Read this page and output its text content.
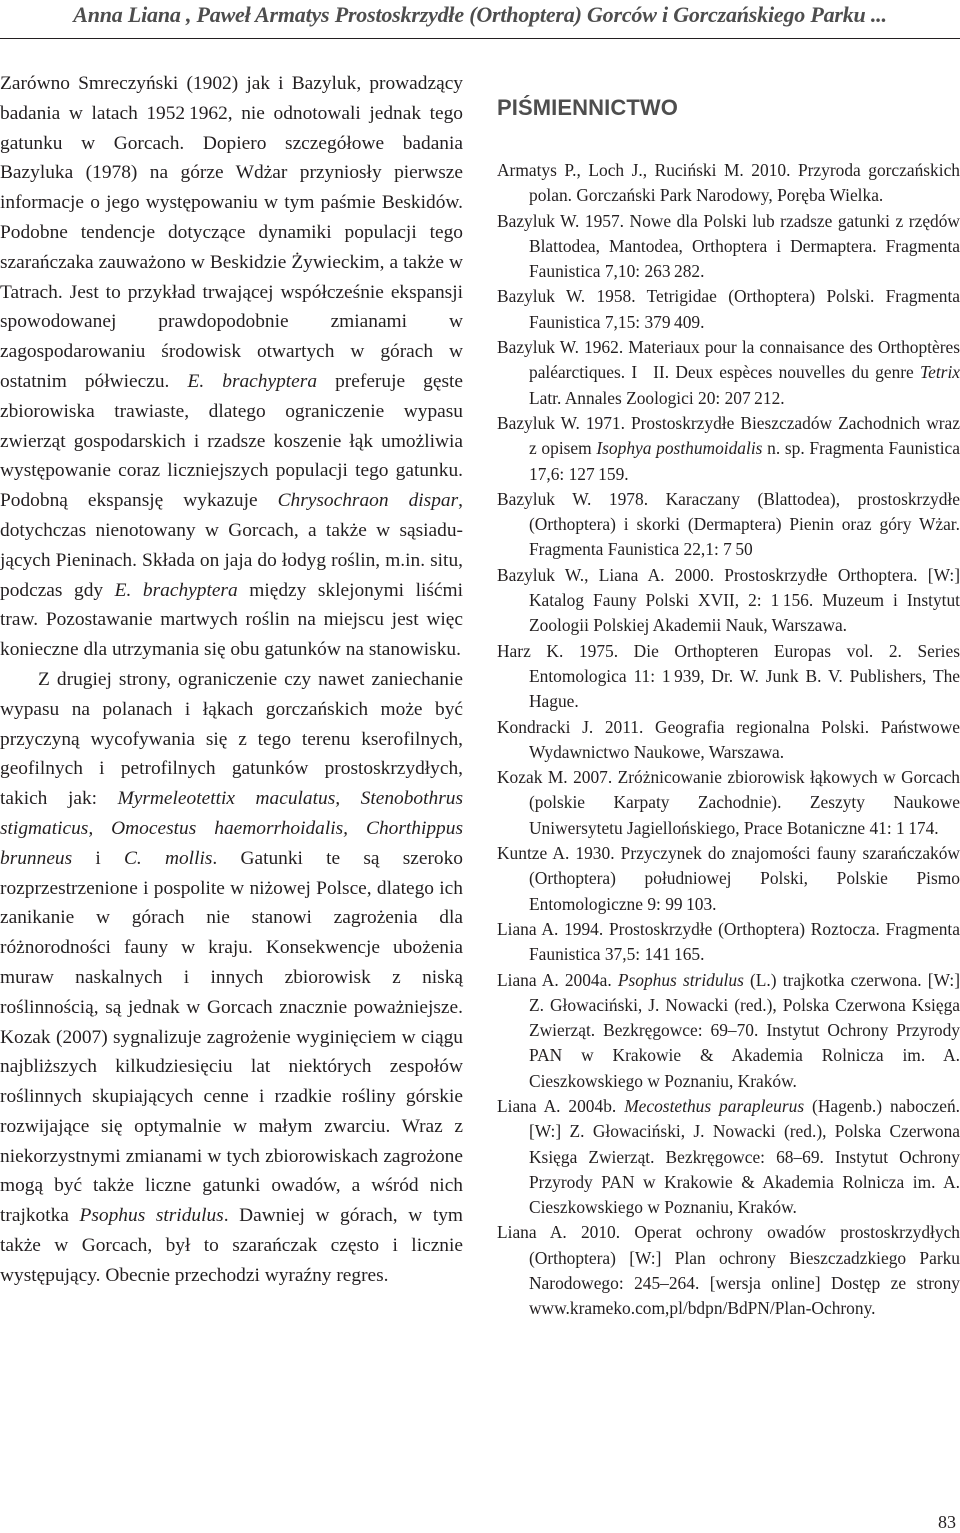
Anna Liana , Paweł Armatys Prostoskrzydłe (Orthoptera) Gorców i Gorczańskiego Parku ...

Zarówno Smreczyński (1902) jak i Bazyluk, prowadzący badania w latach 1952 1962, nie odnotowali jednak tego gatunku w Gorcach. Dopiero szczegółowe badania Bazyluka (1978) na górze Wdżar przyniosły pierwsze informacje o jego występowaniu w tym paśmie Beskidów. Podobne tendencje dotyczące dynamiki populacji tego szarańczaka zauważono w Beskidzie Żywieckim, a także w Tatrach. Jest to przykład trwającej współcześnie ekspansji spowodowanej prawdopodobnie zmianami w zagospodarowaniu środowisk otwartych w górach w ostatnim półwieczu. E. brachyptera preferuje gęste zbiorowiska trawiaste, dlatego ograniczenie wypasu zwierząt gospodarskich i rzadsze koszenie łąk umożliwia występowanie coraz liczniejszych populacji tego gatunku. Podobną ekspansję wykazuje Chrysochraon dispar, dotychczas nienotowany w Gorcach, a także w sąsiadujących Pieninach. Składa on jaja do łodyg roślin, m.in. situ, podczas gdy E. brachyptera między sklejonymi liśćmi traw. Pozostawanie martwych roślin na miejscu jest więc konieczne dla utrzymania się obu gatunków na stanowisku.

Z drugiej strony, ograniczenie czy nawet zaniechanie wypasu na polanach i łąkach gorczańskich może być przyczyną wycofywania się z tego terenu kserofilnych, geofilnych i petrofilnych gatunków prostoskrzydłych, takich jak: Myrmeleotettix maculatus, Stenobothrus stigmaticus, Omocestus haemorrhoidalis, Chorthippus brunneus i C. mollis. Gatunki te są szeroko rozprzestrzenione i pospolite w niżowej Polsce, dlatego ich zanikanie w górach nie stanowi zagrożenia dla różnorodności fauny w kraju. Konsekwencje ubożenia muraw naskalnych i innych zbiorowisk z niską roślinnością, są jednak w Gorcach znacznie poważniejsze. Kozak (2007) sygnalizuje zagrożenie wyginięciem w ciągu najbliższych kilkudziesięciu lat niektórych zespołów roślinnych skupiających cenne i rzadkie rośliny górskie rozwijające się optymalnie w małym zwarciu. Wraz z niekorzystnymi zmianami w tych zbiorowiskach zagrożone mogą być także liczne gatunki owadów, a wśród nich trajkotka Psophus stridulus. Dawniej w górach, w tym także w Gorcach, był to szarańczak często i licznie występujący. Obecnie przechodzi wyraźny regres.

PIŚMIENNICTWO

Armatys P., Loch J., Ruciński M. 2010. Przyroda gorczańskich polan. Gorczański Park Narodowy, Poręba Wielka.

Bazyluk W. 1957. Nowe dla Polski lub rzadsze gatunki z rzędów Blattodea, Mantodea, Orthoptera i Dermaptera. Fragmenta Faunistica 7,10: 263 282.

Bazyluk W. 1958. Tetrigidae (Orthoptera) Polski. Fragmenta Faunistica 7,15: 379 409.

Bazyluk W. 1962. Materiaux pour la connaisance des Orthoptères paléarctiques. I   II. Deux espèces nouvelles du genre Tetrix Latr. Annales Zoologici 20: 207 212.

Bazyluk W. 1971. Prostoskrzydłe Bieszczadów Zachodnich wraz z opisem Isophya posthumoidalis n. sp. Fragmenta Faunistica 17,6: 127 159.

Bazyluk W. 1978. Karaczany (Blattodea), prostoskrzydłe (Orthoptera) i skorki (Dermaptera) Pienin oraz góry Wżar. Fragmenta Faunistica 22,1: 7 50

Bazyluk W., Liana A. 2000. Prostoskrzydłe Orthoptera. [W:] Katalog Fauny Polski XVII, 2: 1 156. Muzeum i Instytut Zoologii Polskiej Akademii Nauk, Warszawa.

Harz K. 1975. Die Orthopteren Europas vol. 2. Series Entomologica 11: 1 939, Dr. W. Junk B. V. Publishers, The Hague.

Kondracki J. 2011. Geografia regionalna Polski. Państwowe Wydawnictwo Naukowe, Warszawa.

Kozak M. 2007. Zróżnicowanie zbiorowisk łąkowych w Gorcach (polskie Karpaty Zachodnie). Zeszyty Naukowe Uniwersytetu Jagiellońskiego, Prace Botaniczne 41: 1 174.

Kuntze A. 1930. Przyczynek do znajomości fauny szarańczaków (Orthoptera) południowej Polski, Polskie Pismo Entomologiczne 9: 99 103.

Liana A. 1994. Prostoskrzydłe (Orthoptera) Roztocza. Fragmenta Faunistica 37,5: 141 165.

Liana A. 2004a. Psophus stridulus (L.) trajkotka czerwona. [W:] Z. Głowaciński, J. Nowacki (red.), Polska Czerwona Księga Zwierząt. Bezkręgowce: 69–70. Instytut Ochrony Przyrody PAN w Krakowie & Akademia Rolnicza im. A. Cieszkowskiego w Poznaniu, Kraków.

Liana A. 2004b. Mecostethus parapleurus (Hagenb.) naboczeń. [W:] Z. Głowaciński, J. Nowacki (red.), Polska Czerwona Księga Zwierząt. Bezkręgowce: 68–69. Instytut Ochrony Przyrody PAN w Krakowie & Akademia Rolnicza im. A. Cieszkowskiego w Poznaniu, Kraków.

Liana A. 2010. Operat ochrony owadów prostoskrzydłych (Orthoptera) [W:] Plan ochrony Bieszczadzkiego Parku Narodowego: 245–264. [wersja online] Dostęp ze strony www.krameko.com,pl/bdpn/BdPN/​Plan-Ochrony.

83
